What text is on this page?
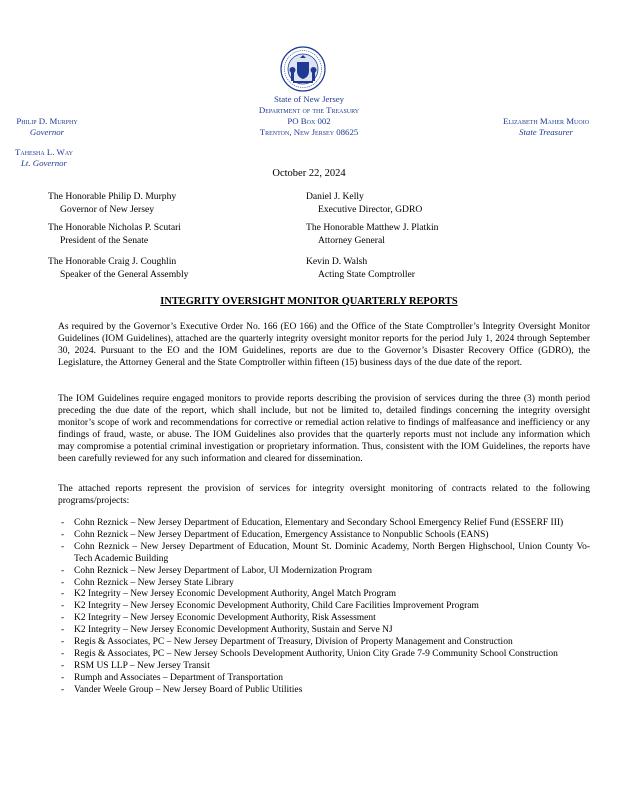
State of New Jersey
Department of the Treasury
PO Box 002
Trenton, New Jersey 08625
Philip D. Murphy
Governor
Tahesha L. Way
Lt. Governor
Elizabeth Maher Muoio
State Treasurer
October 22, 2024
The Honorable Philip D. Murphy
Governor of New Jersey
Daniel J. Kelly
Executive Director, GDRO
The Honorable Nicholas P. Scutari
President of the Senate
The Honorable Matthew J. Platkin
Attorney General
The Honorable Craig J. Coughlin
Speaker of the General Assembly
Kevin D. Walsh
Acting State Comptroller
INTEGRITY OVERSIGHT MONITOR QUARTERLY REPORTS
As required by the Governor’s Executive Order No. 166 (EO 166) and the Office of the State Comptroller’s Integrity Oversight Monitor Guidelines (IOM Guidelines), attached are the quarterly integrity oversight monitor reports for the period July 1, 2024 through September 30, 2024. Pursuant to the EO and the IOM Guidelines, reports are due to the Governor’s Disaster Recovery Office (GDRO), the Legislature, the Attorney General and the State Comptroller within fifteen (15) business days of the due date of the report.
The IOM Guidelines require engaged monitors to provide reports describing the provision of services during the three (3) month period preceding the due date of the report, which shall include, but not be limited to, detailed findings concerning the integrity oversight monitor’s scope of work and recommendations for corrective or remedial action relative to findings of malfeasance and inefficiency or any findings of fraud, waste, or abuse. The IOM Guidelines also provides that the quarterly reports must not include any information which may compromise a potential criminal investigation or proprietary information. Thus, consistent with the IOM Guidelines, the reports have been carefully reviewed for any such information and cleared for dissemination.
The attached reports represent the provision of services for integrity oversight monitoring of contracts related to the following programs/projects:
- Cohn Reznick – New Jersey Department of Education, Elementary and Secondary School Emergency Relief Fund (ESSERF III)
- Cohn Reznick – New Jersey Department of Education, Emergency Assistance to Nonpublic Schools (EANS)
- Cohn Reznick – New Jersey Department of Education, Mount St. Dominic Academy, North Bergen Highschool, Union County Vo-Tech Academic Building
- Cohn Reznick – New Jersey Department of Labor, UI Modernization Program
- Cohn Reznick – New Jersey State Library
- K2 Integrity – New Jersey Economic Development Authority, Angel Match Program
- K2 Integrity – New Jersey Economic Development Authority, Child Care Facilities Improvement Program
- K2 Integrity – New Jersey Economic Development Authority, Risk Assessment
- K2 Integrity – New Jersey Economic Development Authority, Sustain and Serve NJ
- Regis & Associates, PC – New Jersey Department of Treasury, Division of Property Management and Construction
- Regis & Associates, PC – New Jersey Schools Development Authority, Union City Grade 7-9 Community School Construction
- RSM US LLP – New Jersey Transit
- Rumph and Associates – Department of Transportation
- Vander Weele Group – New Jersey Board of Public Utilities
